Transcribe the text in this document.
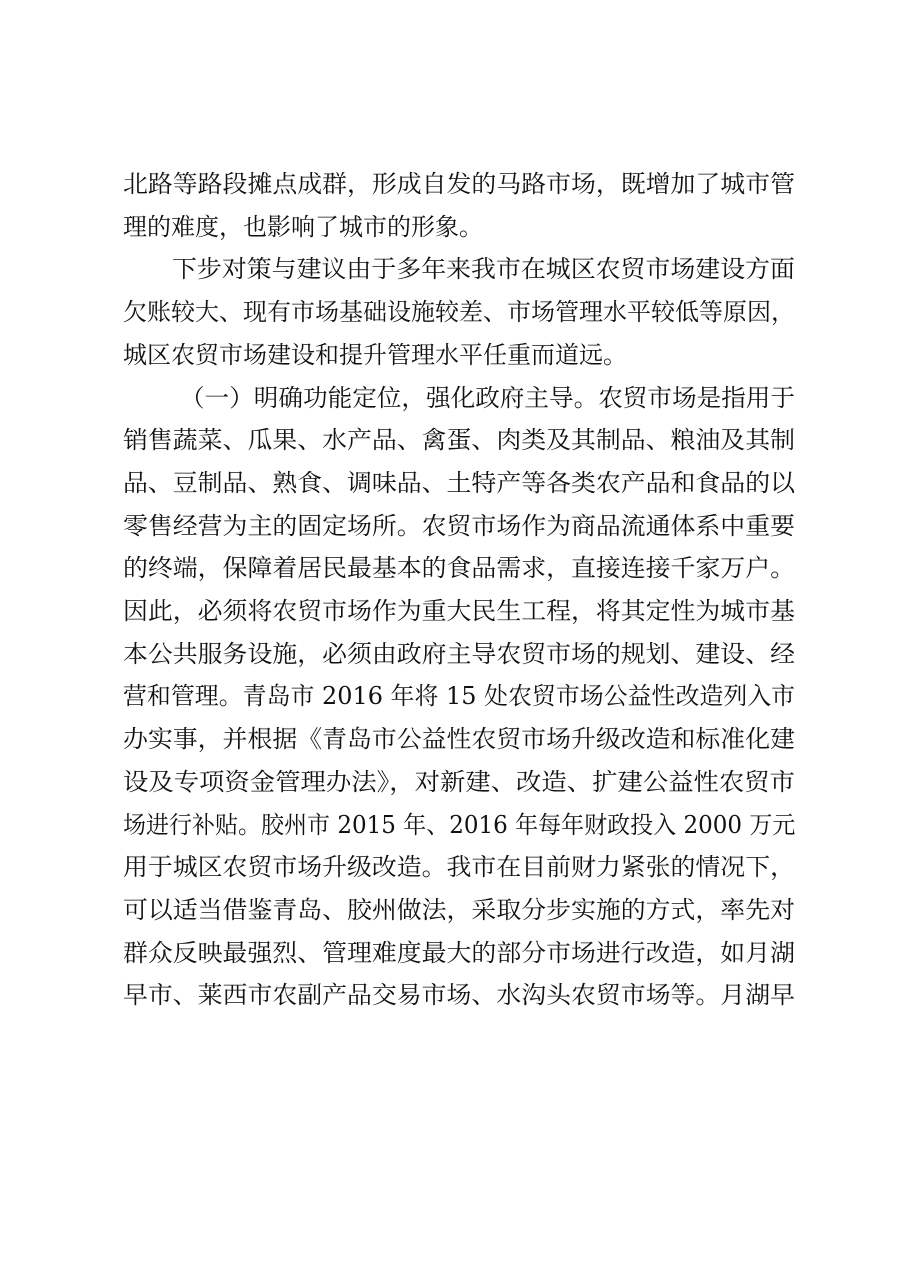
北路等路段摊点成群，形成自发的马路市场，既增加了城市管
理的难度，也影响了城市的形象。
下步对策与建议由于多年来我市在城区农贸市场建设方面
欠账较大、现有市场基础设施较差、市场管理水平较低等原因，
城区农贸市场建设和提升管理水平任重而道远。
（一）明确功能定位，强化政府主导。农贸市场是指用于
销售蔬菜、瓜果、水产品、禽蛋、肉类及其制品、粮油及其制
品、豆制品、熟食、调味品、土特产等各类农产品和食品的以
零售经营为主的固定场所。农贸市场作为商品流通体系中重要
的终端，保障着居民最基本的食品需求，直接连接千家万户。
因此，必须将农贸市场作为重大民生工程，将其定性为城市基
本公共服务设施，必须由政府主导农贸市场的规划、建设、经
营和管理。青岛市 2016 年将 15 处农贸市场公益性改造列入市
办实事，并根据《青岛市公益性农贸市场升级改造和标准化建
设及专项资金管理办法》，对新建、改造、扩建公益性农贸市
场进行补贴。胶州市 2015 年、2016 年每年财政投入 2000 万元
用于城区农贸市场升级改造。我市在目前财力紧张的情况下，
可以适当借鉴青岛、胶州做法，采取分步实施的方式，率先对
群众反映最强烈、管理难度最大的部分市场进行改造，如月湖
早市、莱西市农副产品交易市场、水沟头农贸市场等。月湖早
